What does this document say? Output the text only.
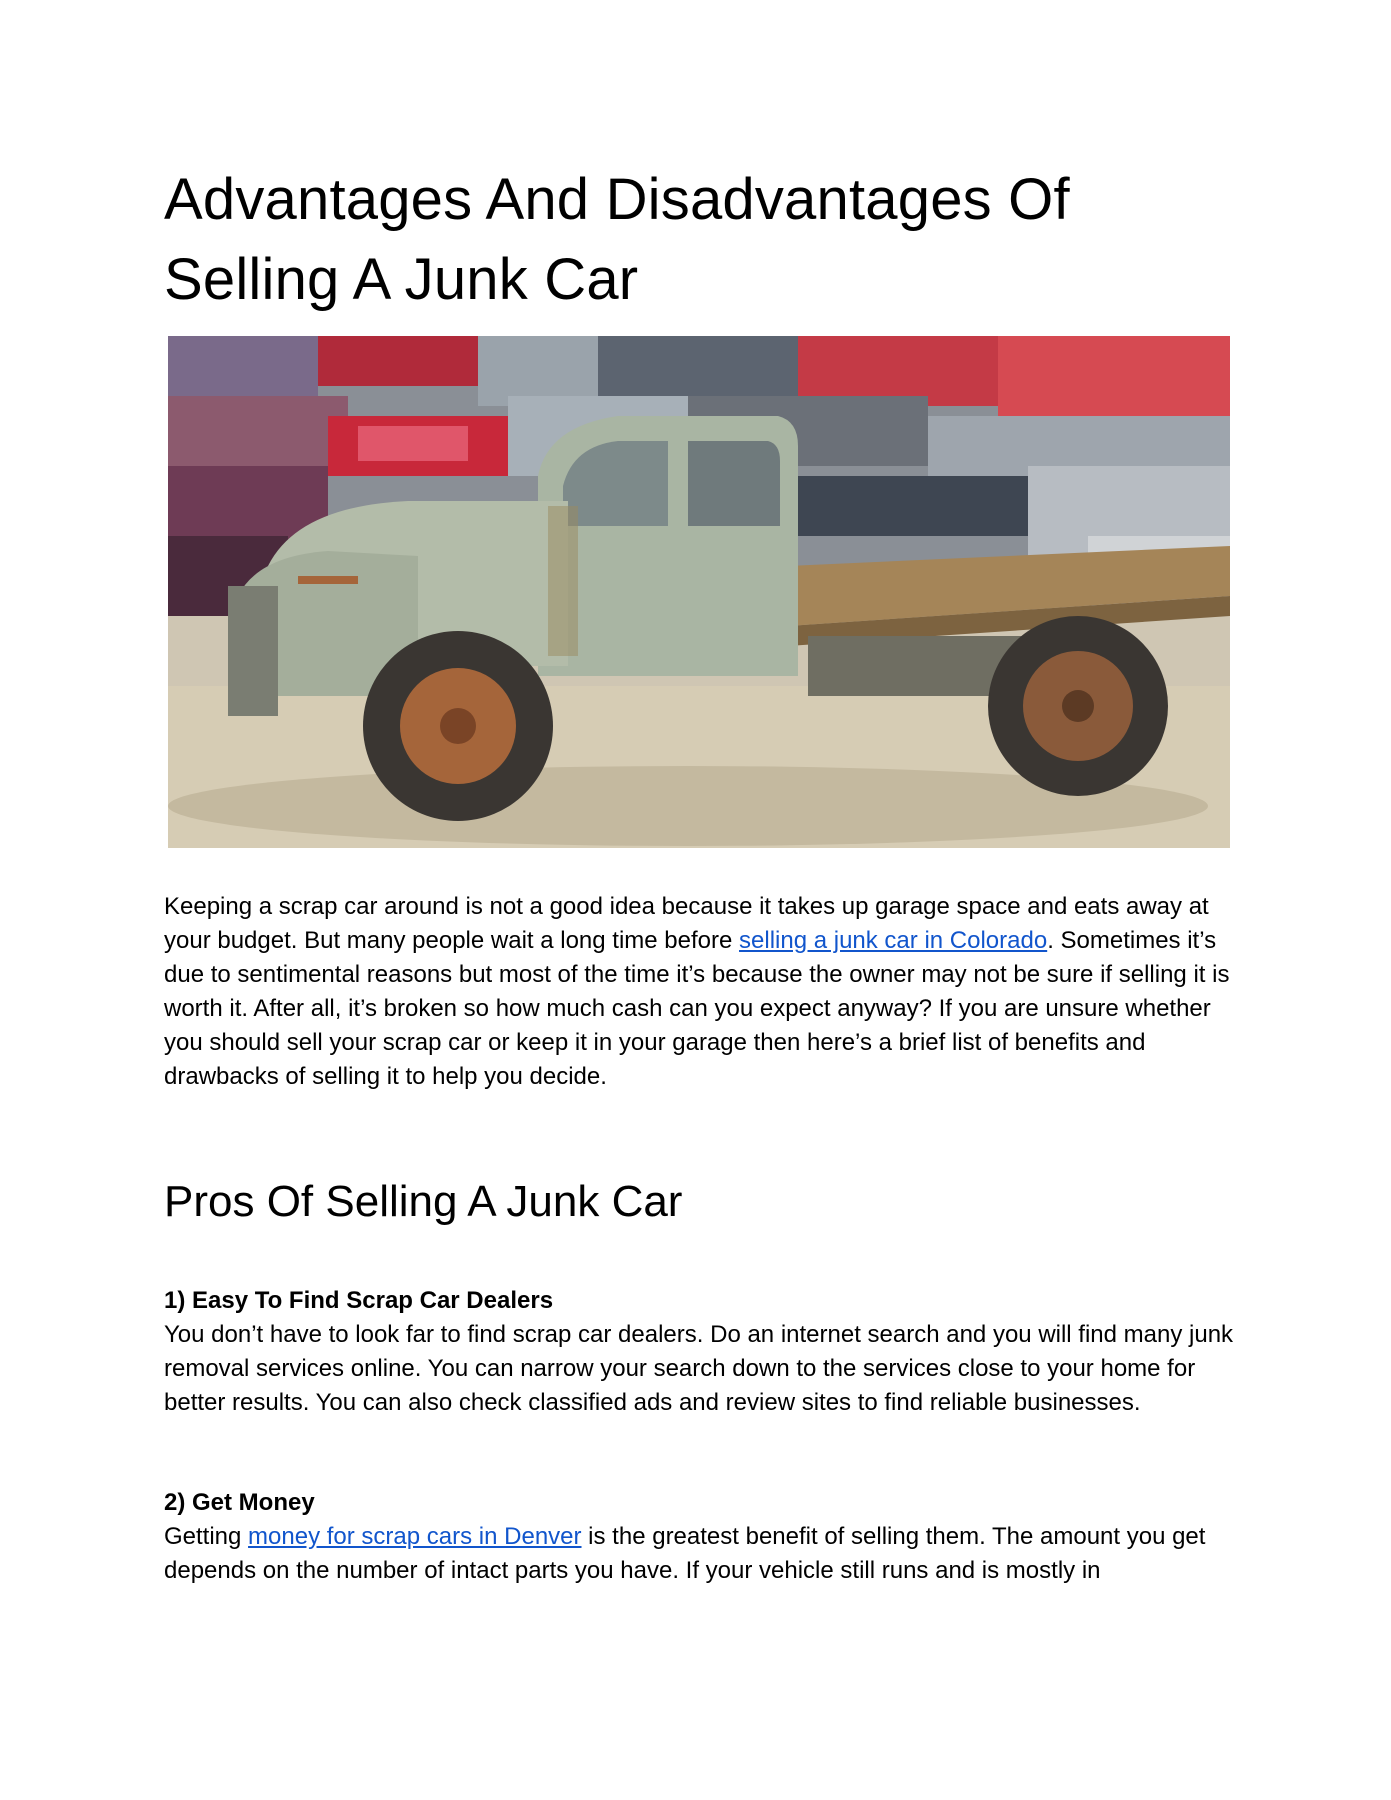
Advantages And Disadvantages Of Selling A Junk Car

Keeping a scrap car around is not a good idea because it takes up garage space and eats away at your budget. But many people wait a long time before selling a junk car in Colorado. Sometimes it’s due to sentimental reasons but most of the time it’s because the owner may not be sure if selling it is worth it. After all, it’s broken so how much cash can you expect anyway? If you are unsure whether you should sell your scrap car or keep it in your garage then here’s a brief list of benefits and drawbacks of selling it to help you decide.

Pros Of Selling A Junk Car

1) Easy To Find Scrap Car Dealers

You don’t have to look far to find scrap car dealers. Do an internet search and you will find many junk removal services online. You can narrow your search down to the services close to your home for better results. You can also check classified ads and review sites to find reliable businesses.

2) Get Money

Getting money for scrap cars in Denver is the greatest benefit of selling them. The amount you get depends on the number of intact parts you have. If your vehicle still runs and is mostly in
